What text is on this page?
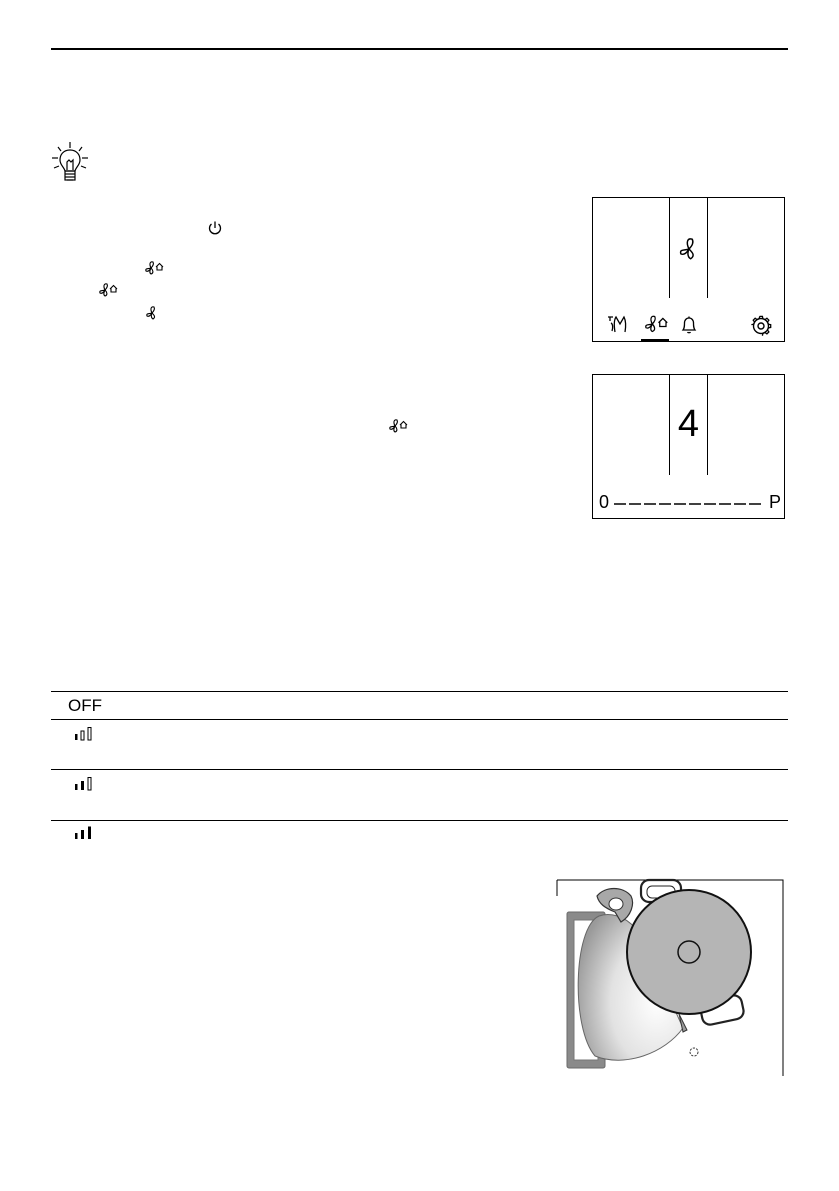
4
0	P
OFF
